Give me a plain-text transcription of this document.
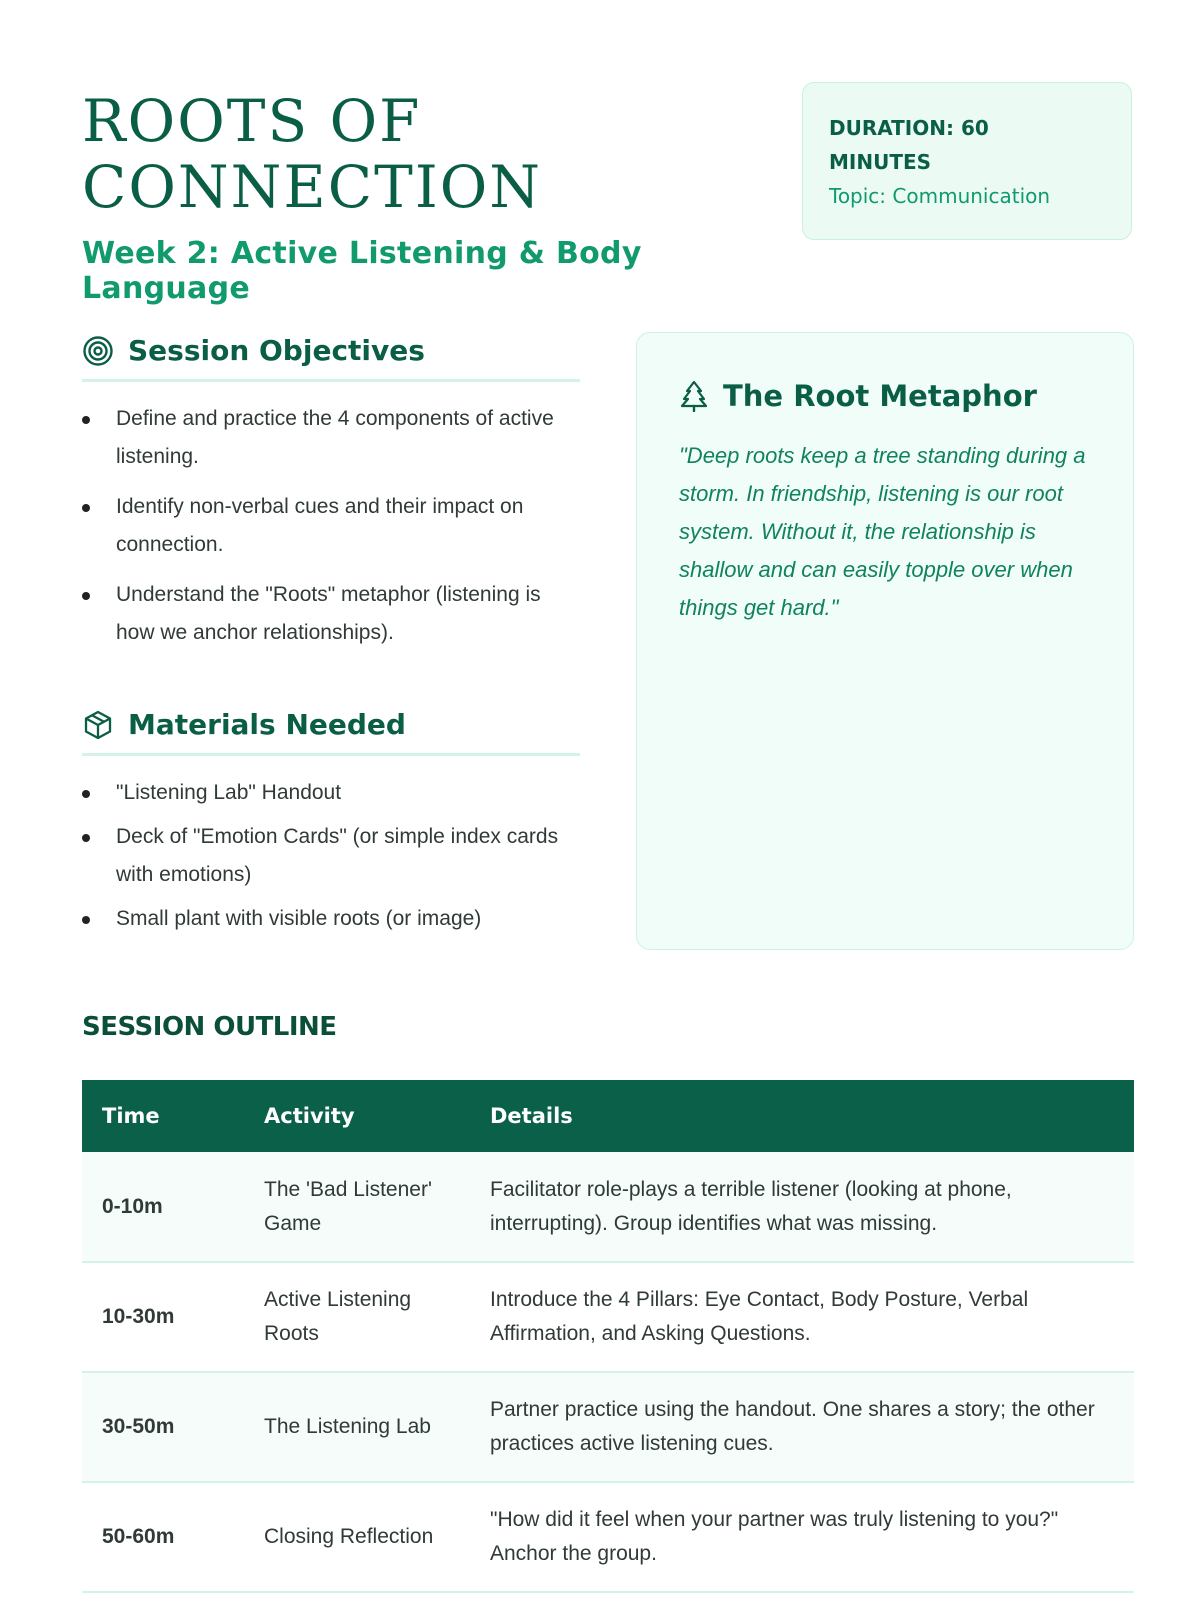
ROOTS OF
CONNECTION
Week 2: Active Listening & Body Language
DURATION: 60
MINUTES
Topic: Communication
Session Objectives
Define and practice the 4 components of active listening.
Identify non-verbal cues and their impact on connection.
Understand the "Roots" metaphor (listening is how we anchor relationships).
Materials Needed
"Listening Lab" Handout
Deck of "Emotion Cards" (or simple index cards with emotions)
Small plant with visible roots (or image)
The Root Metaphor

"Deep roots keep a tree standing during a storm. In friendship, listening is our root system. Without it, the relationship is shallow and can easily topple over when things get hard."

SESSION OUTLINE
Time	Activity	Details
0-10m	The 'Bad Listener' Game	Facilitator role-plays a terrible listener (looking at phone, interrupting). Group identifies what was missing.
10-30m	Active Listening Roots	Introduce the 4 Pillars: Eye Contact, Body Posture, Verbal Affirmation, and Asking Questions.
30-50m	The Listening Lab	Partner practice using the handout. One shares a story; the other practices active listening cues.
50-60m	Closing Reflection	"How did it feel when your partner was truly listening to you?" Anchor the group.
